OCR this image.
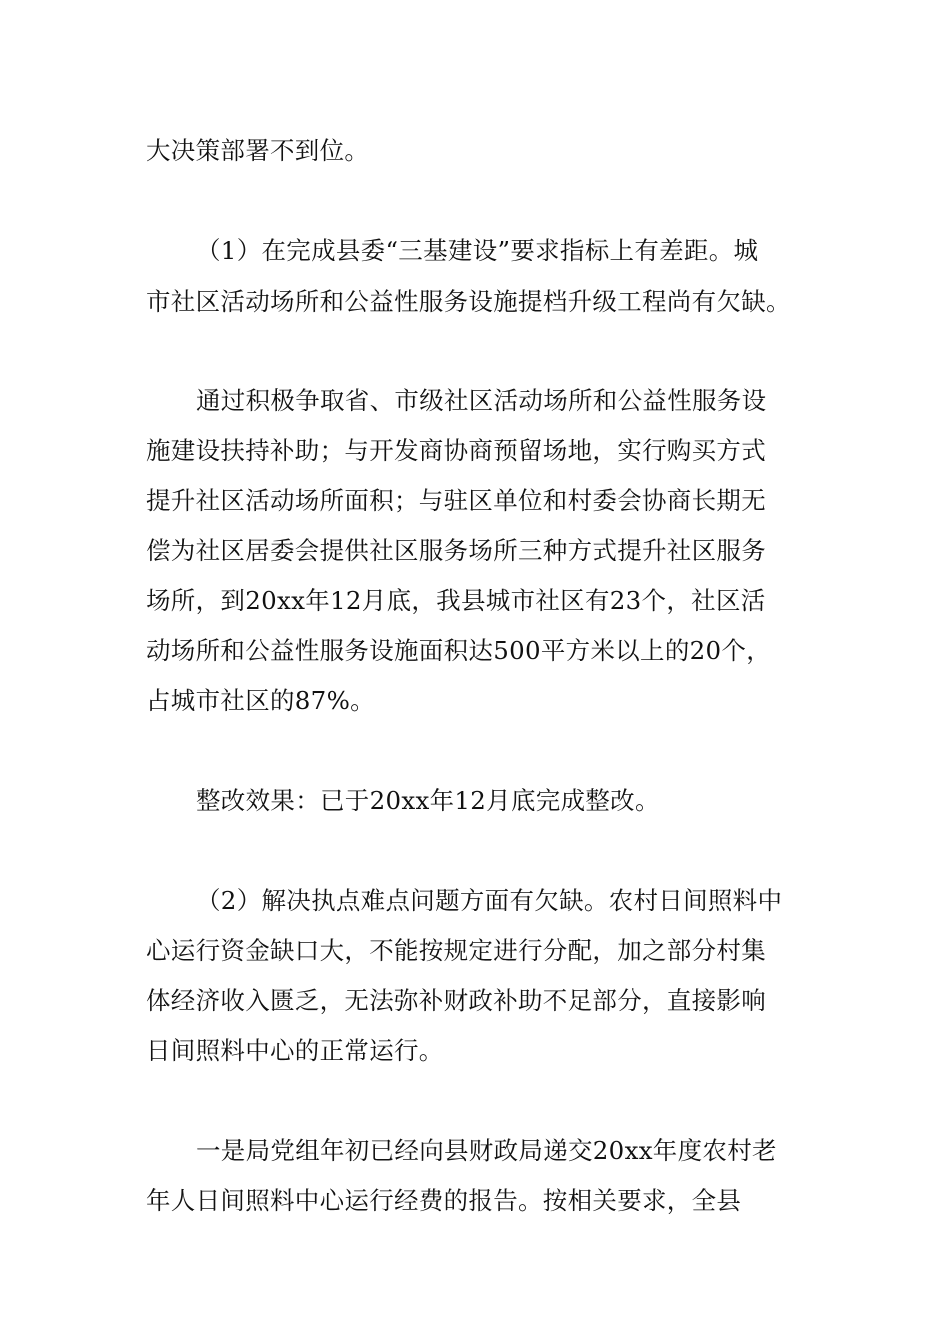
大决策部署不到位。
（1）在完成县委“三基建设”要求指标上有差距。城
市社区活动场所和公益性服务设施提档升级工程尚有欠缺。
通过积极争取省、市级社区活动场所和公益性服务设
施建设扶持补助；与开发商协商预留场地，实行购买方式
提升社区活动场所面积；与驻区单位和村委会协商长期无
偿为社区居委会提供社区服务场所三种方式提升社区服务
场所，到20xx年12月底，我县城市社区有23个，社区活
动场所和公益性服务设施面积达500平方米以上的20个，
占城市社区的87%。
整改效果：已于20xx年12月底完成整改。
（2）解决执点难点问题方面有欠缺。农村日间照料中
心运行资金缺口大，不能按规定进行分配，加之部分村集
体经济收入匮乏，无法弥补财政补助不足部分，直接影响
日间照料中心的正常运行。
一是局党组年初已经向县财政局递交20xx年度农村老
年人日间照料中心运行经费的报告。按相关要求，全县
